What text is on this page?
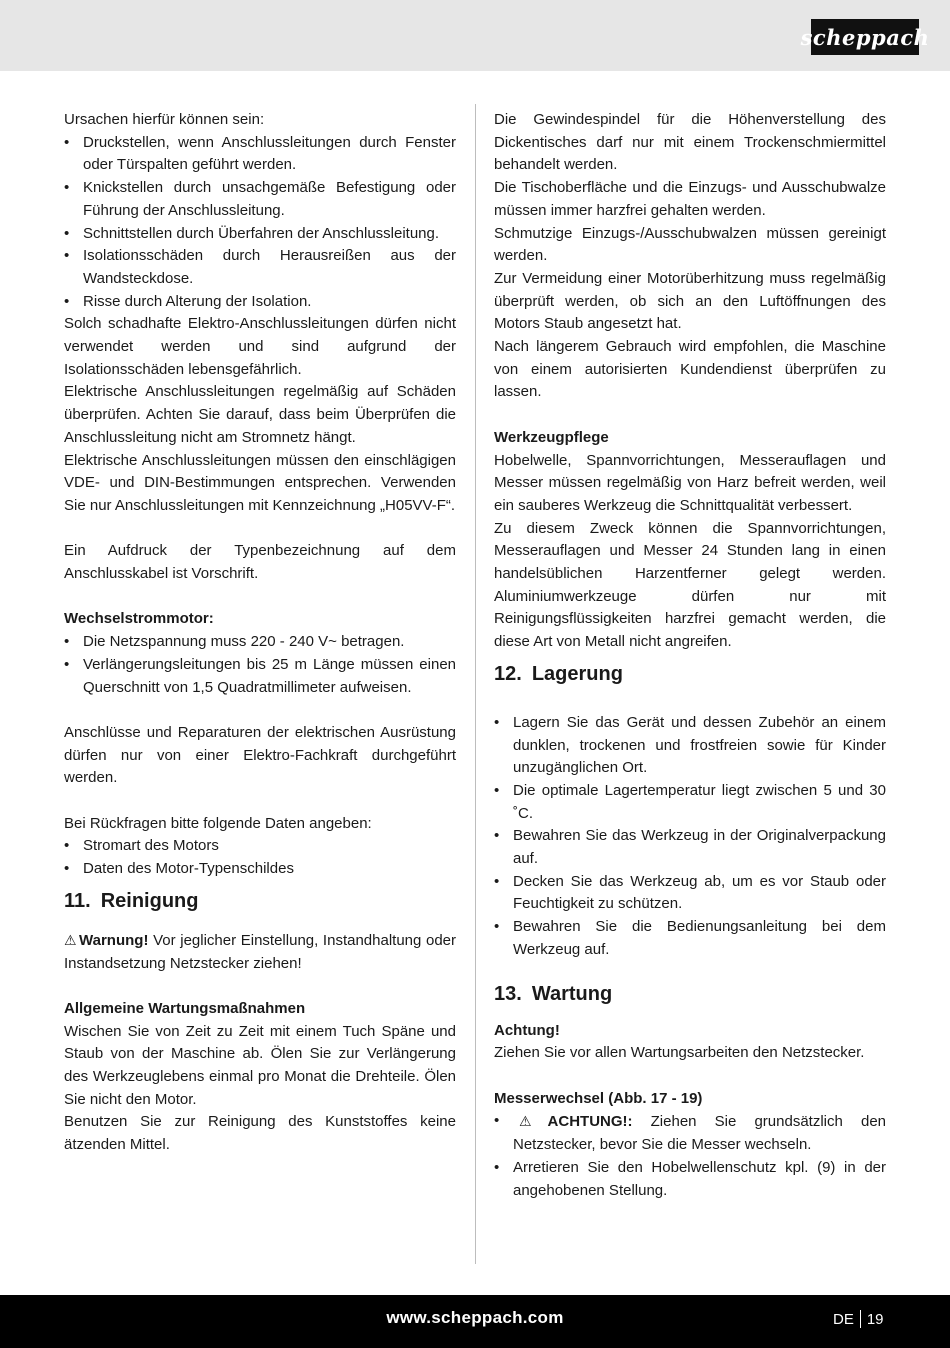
scheppach

Ursachen hierfür können sein:

• Druckstellen, wenn Anschlussleitungen durch Fenster oder Türspalten geführt werden.
• Knickstellen durch unsachgemäße Befestigung oder Führung der Anschlussleitung.
• Schnittstellen durch Überfahren der Anschlussleitung.
• Isolationsschäden durch Herausreißen aus der Wandsteckdose.
• Risse durch Alterung der Isolation.

Solch schadhafte Elektro-Anschlussleitungen dürfen nicht verwendet werden und sind aufgrund der Isolationsschäden lebensgefährlich.

Elektrische Anschlussleitungen regelmäßig auf Schäden überprüfen. Achten Sie darauf, dass beim Überprüfen die Anschlussleitung nicht am Stromnetz hängt.

Elektrische Anschlussleitungen müssen den einschlägigen VDE- und DIN-Bestimmungen entsprechen. Verwenden Sie nur Anschlussleitungen mit Kennzeichnung „H05VV-F“.

Ein Aufdruck der Typenbezeichnung auf dem Anschlusskabel ist Vorschrift.

Wechselstrommotor:

• Die Netzspannung muss 220 - 240 V~ betragen.
• Verlängerungsleitungen bis 25 m Länge müssen einen Querschnitt von 1,5 Quadratmillimeter aufweisen.

Anschlüsse und Reparaturen der elektrischen Ausrüstung dürfen nur von einer Elektro-Fachkraft durchgeführt werden.

Bei Rückfragen bitte folgende Daten angeben:

• Stromart des Motors
• Daten des Motor-Typenschildes
11. Reinigung

⚠ Warnung! Vor jeglicher Einstellung, Instandhaltung oder Instandsetzung Netzstecker ziehen!

Allgemeine Wartungsmaßnahmen

Wischen Sie von Zeit zu Zeit mit einem Tuch Späne und Staub von der Maschine ab. Ölen Sie zur Verlängerung des Werkzeuglebens einmal pro Monat die Drehteile. Ölen Sie nicht den Motor.

Benutzen Sie zur Reinigung des Kunststoffes keine ätzenden Mittel.

Die Gewindespindel für die Höhenverstellung des Dickentisches darf nur mit einem Trockenschmiermittel behandelt werden.

Die Tischoberfläche und die Einzugs- und Ausschubwalze müssen immer harzfrei gehalten werden.

Schmutzige Einzugs-/Ausschubwalzen müssen gereinigt werden.

Zur Vermeidung einer Motorüberhitzung muss regelmäßig überprüft werden, ob sich an den Luftöffnungen des Motors Staub angesetzt hat.

Nach längerem Gebrauch wird empfohlen, die Maschine von einem autorisierten Kundendienst überprüfen zu lassen.

Werkzeugpflege

Hobelwelle, Spannvorrichtungen, Messerauflagen und Messer müssen regelmäßig von Harz befreit werden, weil ein sauberes Werkzeug die Schnittqualität verbessert.

Zu diesem Zweck können die Spannvorrichtungen, Messerauflagen und Messer 24 Stunden lang in einen handelsüblichen Harzentferner gelegt werden. Aluminiumwerkzeuge dürfen nur mit Reinigungsflüssigkeiten harzfrei gemacht werden, die diese Art von Metall nicht angreifen.

12. Lagerung
• Lagern Sie das Gerät und dessen Zubehör an einem dunklen, trockenen und frostfreien sowie für Kinder unzugänglichen Ort.
• Die optimale Lagertemperatur liegt zwischen 5 und 30 ˚C.
• Bewahren Sie das Werkzeug in der Originalverpackung auf.
• Decken Sie das Werkzeug ab, um es vor Staub oder Feuchtigkeit zu schützen.
• Bewahren Sie die Bedienungsanleitung bei dem Werkzeug auf.
13. Wartung

Achtung!

Ziehen Sie vor allen Wartungsarbeiten den Netzstecker.

Messerwechsel (Abb. 17 - 19)

• ⚠ ACHTUNG!: Ziehen Sie grundsätzlich den Netzstecker, bevor Sie die Messer wechseln.
• Arretieren Sie den Hobelwellenschutz kpl. (9) in der angehobenen Stellung.
www.scheppach.com	DE 19
